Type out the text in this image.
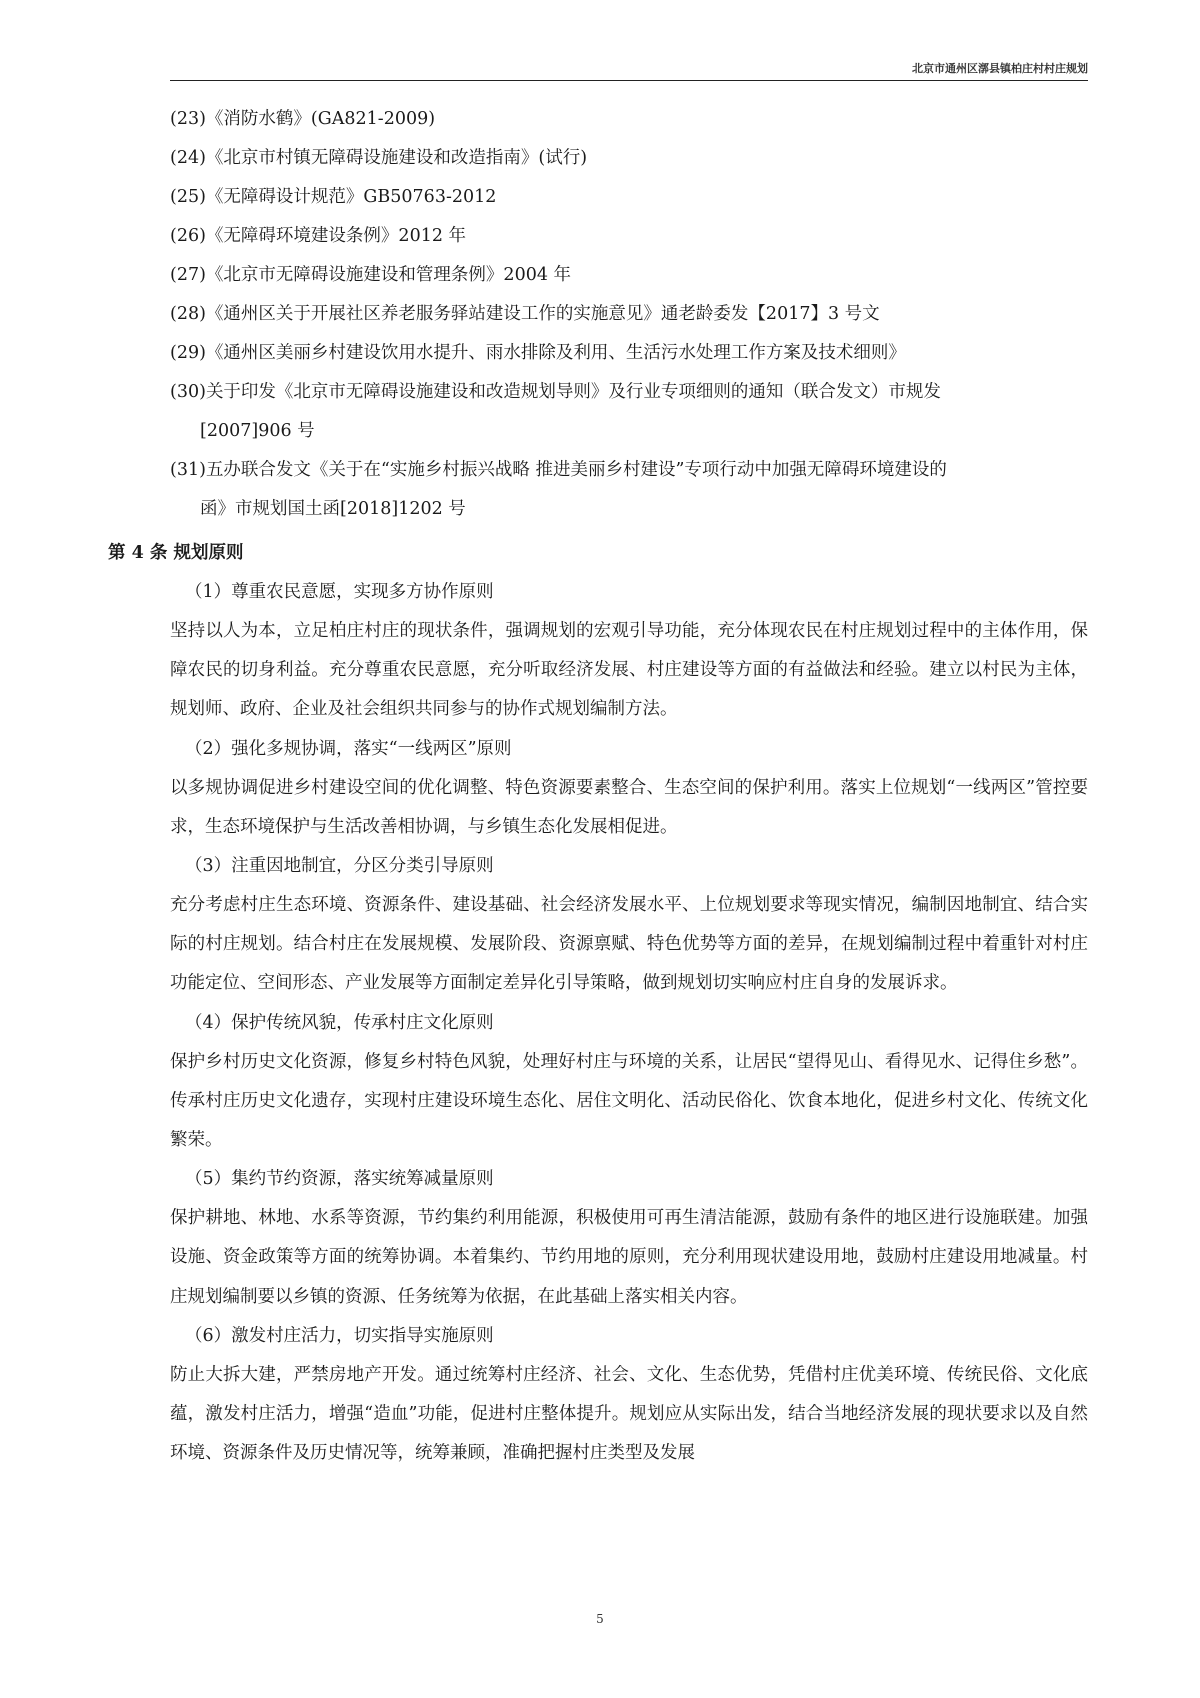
北京市通州区漷县镇柏庄村村庄规划
(23)《消防水鹤》(GA821-2009)
(24)《北京市村镇无障碍设施建设和改造指南》(试行)
(25)《无障碍设计规范》GB50763-2012
(26)《无障碍环境建设条例》2012 年
(27)《北京市无障碍设施建设和管理条例》2004 年
(28)《通州区关于开展社区养老服务驿站建设工作的实施意见》通老龄委发【2017】3 号文
(29)《通州区美丽乡村建设饮用水提升、雨水排除及利用、生活污水处理工作方案及技术细则》
(30)关于印发《北京市无障碍设施建设和改造规划导则》及行业专项细则的通知（联合发文）市规发
[2007]906 号
(31)五办联合发文《关于在“实施乡村振兴战略 推进美丽乡村建设”专项行动中加强无障碍环境建设的
函》市规划国土函[2018]1202 号
第 4 条 规划原则
（1）尊重农民意愿，实现多方协作原则
坚持以人为本，立足柏庄村庄的现状条件，强调规划的宏观引导功能，充分体现农民在村庄规划过程中的主体作用，保障农民的切身利益。充分尊重农民意愿，充分听取经济发展、村庄建设等方面的有益做法和经验。建立以村民为主体，规划师、政府、企业及社会组织共同参与的协作式规划编制方法。
（2）强化多规协调，落实“一线两区”原则
以多规协调促进乡村建设空间的优化调整、特色资源要素整合、生态空间的保护利用。落实上位规划“一线两区”管控要求，生态环境保护与生活改善相协调，与乡镇生态化发展相促进。
（3）注重因地制宜，分区分类引导原则
充分考虑村庄生态环境、资源条件、建设基础、社会经济发展水平、上位规划要求等现实情况，编制因地制宜、结合实际的村庄规划。结合村庄在发展规模、发展阶段、资源禀赋、特色优势等方面的差异，在规划编制过程中着重针对村庄功能定位、空间形态、产业发展等方面制定差异化引导策略，做到规划切实响应村庄自身的发展诉求。
（4）保护传统风貌，传承村庄文化原则
保护乡村历史文化资源，修复乡村特色风貌，处理好村庄与环境的关系，让居民“望得见山、看得见水、记得住乡愁”。传承村庄历史文化遗存，实现村庄建设环境生态化、居住文明化、活动民俗化、饮食本地化，促进乡村文化、传统文化繁荣。
（5）集约节约资源，落实统筹减量原则
保护耕地、林地、水系等资源，节约集约利用能源，积极使用可再生清洁能源，鼓励有条件的地区进行设施联建。加强设施、资金政策等方面的统筹协调。本着集约、节约用地的原则，充分利用现状建设用地，鼓励村庄建设用地减量。村庄规划编制要以乡镇的资源、任务统筹为依据，在此基础上落实相关内容。
（6）激发村庄活力，切实指导实施原则
防止大拆大建，严禁房地产开发。通过统筹村庄经济、社会、文化、生态优势，凭借村庄优美环境、传统民俗、文化底蕴，激发村庄活力，增强“造血”功能，促进村庄整体提升。规划应从实际出发，结合当地经济发展的现状要求以及自然环境、资源条件及历史情况等，统筹兼顾，准确把握村庄类型及发展
5
